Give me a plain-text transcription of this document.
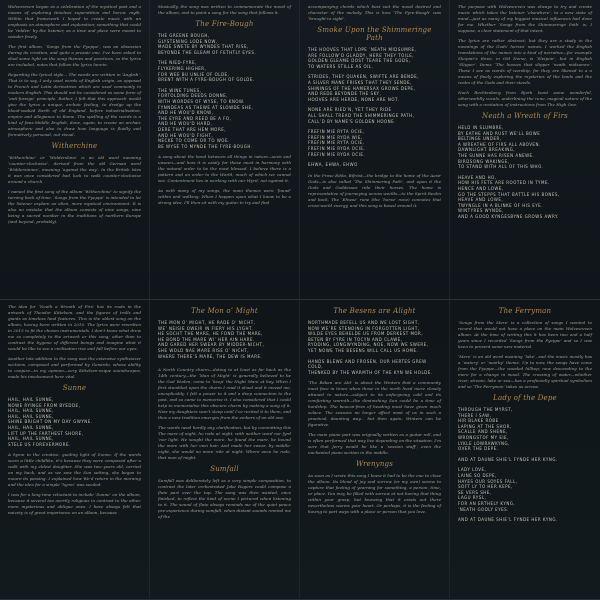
Wolvesreven began as a celebration of the mystical past and a means of exploring timeless superstition and heroic myth. Within that framework I hoped to create music with an emphasis on atmosphere and exploration; something that could be ‘ridden’ by the listener, as a time and place were meant to wander freely.

The first album, ‘Songs from the Pyeppe’, was an obsession during its creation, and quite a prosaic one. I've been asked to shed some light on the song themes and practices, so the lyrics are included, notes that follow the lyrics herein.

Regarding the lyrical style... The words are written in ‘Anglish’. That is to say, I only used words of English origin, as opposed to French and Latin derivatives which are used commonly in modern English. This should not be considered as some form of ‘anti-foreign’ principle. Rather, I felt that this approach would give the lyrics a unique, archaic feeling, to dredge up the blood-soaked Earth of old England, before industrialisation, empire and allegiance to Rome. The spelling of the words is a kind of faux-Middle English, done, again, to create an archaic atmosphere and also to draw how language is fluidly and formatively personal, not visual.

Witherchine

‘Witherchine’ or ‘Widdershins’ is an old word meaning ‘counter-clockwise’, derived from the old German word ‘Widdersinnes’, meaning ‘against the way’. In the British Isles it was once considered bad luck to walk counter-clockwise around a church.

I named the first song of the album ‘Witherchine’ to signify the turning back of time. ‘Songs from the Pyeppe’ is intended to let the listener explore an alien, more mystical environment. It is also no mistake that the album consists of nine songs; nine being a sacred number in the traditions of northern Europe (and beyond, probably).

Musically, the song was written to commemorate the mood of the album, and to paint a song for the song that follows it.

The Fire-Bough
THE GREENE BOUGH,
GLYSTENING LODE NOW,
MADE SWETE BY WYNDES THAT RISE,
BEYONDE THE GLEAM OF FETHTLY EYES.
THE NIED-FYRE,
FLYKERING HIGHER,
FOR WEE BU UNLIE OF OLDE,
BRENT WITH A FYRE-BOUGH OF GOLDE.
THE WINE TUNES,
FORTOLDING DEEDS DONNE,
WITH WORDES OF WYSE, TO KNOW.
FYNNDEAS AS THEWE AT SLOWDE SHE,
AND HE WOU'D KNOW,
THE EYRE AND REED BE A FO,
AND HE WOU'D HARD,
DERE THAT ARE HEM MORE,
AND HE WOU'D FIGHT,
NECKE TO COME OR TO WOE.
BE WYSE TO MYNDE THE FYRE-BOUGH.

A song about the bond between all things in nature—seen and unseen—and how it is easily for these most in harmony with the natural order to be the most blessed. I believe there is a pattern and an order to the World, much of which we cannot see. Contentment lies in working with our Wyrd, not against it.

As with many of my songs, the main themes were ‘found’ within and walking. When I happen upon what I know to be a strong idea, I'll then sit with my guitar to try and find

accompanying chords which best suit the mood desired and character of the melody. This is how ‘The Fyre-Bough’ was ‘brought to sight’.

Smoke Upon the Shimmeringe Path
THE HOOVES THAT LOPE ’NEATH MIDSUMRE,
ARE FOLLOW’D GLADDY, HERE THEY TOILE,
GOLDEN GLEAME DOST TEARE THE GODS,
TO WATERS STILLE AS OIL.
STRIDES, THEY QUAKEN, SWIFTE ARE BENDE,
A SILVER MANE FRISKS THAT THEY SENDE,
SHININGS OF THE HAMERSAX GROWE DEPE,
AND REDE BEYONDE THE SKY,
HOOVES ARE HERDE, NONE ARE NOT.
NONE ARE RIED’N, YET THEY RIDE
ALL SHALL TREAD THE SHIMMERINGE PATH,
CALL’D BY NAME'S GOLDEN HOONE.
FREFIN MIE RYTA OCIE,
FREFIN MIE RYDA WIE,
FREFIN MIE RYTA OCIE,
FREFIN MIE RYDA OCIE,
FREFIN MIE RYDA OCIE.
EHWA, EHWA, EHWO

In the Prose Edda, Bifröst—the bridge to the home of the Aesir Gods—is also called ‘The Shimmering Path’, and upon it the Gods and Goddesses ride their horses. The home is representative of journeying across worlds—to the Spirit Realm and back. The ‘Ehwaz’ rune (the ‘horse’ rune) connotes that cross-world energy, and this song is based around it.

The purpose with Wolvesreven was always to try and create music which takes the listener ‘elsewhere’, to a new state of mind—just as many of my biggest musical influences had done for me. Whether ‘Songs from the Shimmeringe Path’ is, I suppose, a clear statement of that intent.

The lyrics are rather abstract, but they are a study in the meanings of the Gods' horses' names. I worked the English translations of the names into a kind of narrative—for example Sleipnir's three, in Old Norse, is ‘Sleipnir’, but in English ‘Slipper’. Items ‘The hooves that slipper ’neath midsumre’. These I see as words of worship, for they are likened to a a means of finely exploring the mysteries of the lands and the realm of the Gods and their steeds.

Nach Rechtsuberg from Bjork Isant some wonderful, otherworldly vocals, underlining the rune, magical nature of the song with a recitation of instructions from The High One.

Neath a Wreath of Firs
HELD IN SLUMBRE,
BY EATHE AND RUST WE’LL BOWE
BELTINGE UNDER,
A WREATHE OF FIRS ALL ABOVEN.
DAWNLIGHT BREAKING,
THE SUNNE HAS RISEN ANEWE.
BIRDSONG WAKINGE,
TO STAND WITH ALL OF THIS WHO.
HEAVE AND HO,
HOW HIS FETE ARE ROOTED IN TYME.
HENCE AND LOWE,
GO THE STEPPS THAT BATTLE HIS BONES,
HEAVE AND LOWE,
TWYNGLE IN A BLINKE OF HIS EYE.
WINTYRES WYNDE,
AND A GOOD KYNGESBYNE GROWS AWRY.

The idea for ‘Neath a Wreath of Firs’ has its roots in the artwork of Theodor Kittelsen, and the figures of trolls and giants as timeless land features. This is the oldest song on the album, having been written in 2010. The lyrics were rewritten in 2015 to fit the chosen instrumentals. I don't know what drew me so completely to the artwork or this song; other than to contrast the bygone of different beings and imagine what it would be like to see a civilisation rise and fall before our eyes.

Another late addition to the song was the extensive synthesizer sections, composed and performed by Gonardo, whose ability to conjure—in my opinion—very Kittelsen-esque soundscapes, made his involvement here vital.

Sunne
HAIL, HAIL SUNNE,
NOWE RYINGE FROM BYEDDE,
HAIL, HAIL SUNNE,
HAIL, HAIL SUNNE,
SHINE BRIGHT ON MY DAY GWYNE.
HAIL, HAIL SUNNE,
LIFT UP THE FARTHEST SHORE,
HAIL, HAIL SUNNE,
STELE US FOREVERMORE.

A hymn to the creative, guiding light of Sunne. If the words seem a little childlike, it’s because they were composed after a walk with my eldest daughter. She was two years old, carried on my back, and as we saw the Sun setting, she began to mourn its passing. I explained how We’d return in the morning and the idea for a simple ‘hymn’ was seeded.

I was for a long time reluctant to include ‘Sunne’ on the album, because it several too overtly religious in contrast to the other, more mysterious and oblique ones. I have always felt that naivety is of great importance on an album, because

The Mon o’ Might
THE MON O’ MIGHT, HE RADE O’ NICHT,
WE’ NEISIE OWEIR IN FIERY HIS LYGHT.
HE SOCHT THE MARE, HE FOND THE MARE,
HE BOND THE MARE WI’ HER AIN HARE.
AND GARED HER SWEAR BY MIDDER-NICHT,
SHE WOLD NAE MARE RISE O’ NICHT,
WHERE THERE’S MARE, THE DEW IS MARE.

A North Country charm—dating to at least as far back as the 14th century—the ‘Man of Might’ is generally believed to be the God Woden, come to ‘keep’ the Night Mare at bay. When I first stumbled upon the charm I read it aloud and it moved me, unexplicably. I felt a power to it and a deep connection to the past, and so came to memorise it. I also considered that I could help to memorialise this obscure charm by making a song of it. Now my daughters won’t sleep until I’ve recited it to them, and thus a new tradition emerges from the embers of an old one.

The words need hardly any clarification, but by committing this The mare of night, ho rode at night, with neither word nor fyrd ’nor light. He sought the mare, he found the mare, he bound the mare with her own hair. And made her swear, by middle-night, she would no more ride at night. Where once he rode, that man of might.

Sumfall

Sumfall was deliberately left as a very simple composition, to contrast the later orchestrated Jake Rogers could compose a flute part over the top. The song was then wanted, once finished, to reflect the kind of scene I pictured when listening to it. The sound of flute always reminds me of the quiet peace pre-experience during sumfall, when distant sounds remind me of the

The Besens are Alight
NORTHMADE BEFELL US AND WE LOST SIGHT,
NOW WE’RE STENDING IN FORGOTTEN LIGHT,
WILDE EYES BEHELDE US FROM DERKEST MOR,
BETEN BY FYRE IN TOCYN AND CLAWE,
RYDDING, LONGWYNDING, NOE, NOW WE SWERE,
YET NOWE THE BESENS WILL CALL US HOME.
HANDS BLEWE AND FROSEN, OUR HERTES GREW COLD,
THENKED BY THE WARMTH OF THE KYN WE HOLDE.

‘The Beken are Alit’ is about the Winters that a community must face in times when those in the north lived more closely attuned to nature—subject to its unforgiving cold and its comforting warmth—the diminishing Sun could be a time of hardship. The beacon-fires of heading must have given much solace. The seasons no longer affect most of us in such a practical, daunting way... but then again, Winters can be figurative.

The main piano part was originally written as a guitar roll, and is often performed that way live depending on the situation. I’m sure that Jerry would be like a ‘session staff’, even the unchanted piano section in the middle.

Wrenyngs

As soon as I wrote this song I knew it had to be the one to close the album. Its blend of joy and sorrow (or my own) seems to capture that feeling of yearning for something, a person, time, or place. You may be filled with sorrow at not having that thing within your grasp, but knowing that it exists out there nevertheless warms your heart. Or perhaps, it is the feeling of having to part ways with a place or person that you love.

The Ferryman

‘Songs from the Mere’ is a collection of songs I wanted to record that would not have a place on the main Wolvesreven album. At the time of writing this it has been two and a half years since I recorded ‘Songs from the Pyeppe’ and so I was keen to present some new material.

‘Mere’ is an old word meaning ‘lake’, and the music mostly has a ‘watery’ or ‘nearby’ theme. Up to now, the songs have come from the Pyeppe—the wooded hilltop; now descending to the mere for a change in mood. The crossing of water—whether river, stream, lake or sea—has a profoundly spiritual symbolism and so ‘The Ferryman’ takes us across.

Lady of the Depe
THROUGH THE MYRST,
THERE I SAW,
HIR BLAKE ROBE
LAPING AT THE SHOR,
SCALLE AND SHENE,
WRONGSTOF MY EIE,
LYKLE LOWRAWKYNG,
OVER THE DEPE.
AND AT DAUNE SHIE’L FYNDE HER KYNG.
LADY LOVE,
LAINE SO DEPE,
HAYES OUR SOYES FALL,
SOFT LY TO HER KEPE,
SE VERS SHE,
LAGU RYSL,
FOR AN ERTHELY KYNG,
’NEATH GODLY EYES.
AND AT DAUNE SHIE’L FYNDE HER KYNG.
